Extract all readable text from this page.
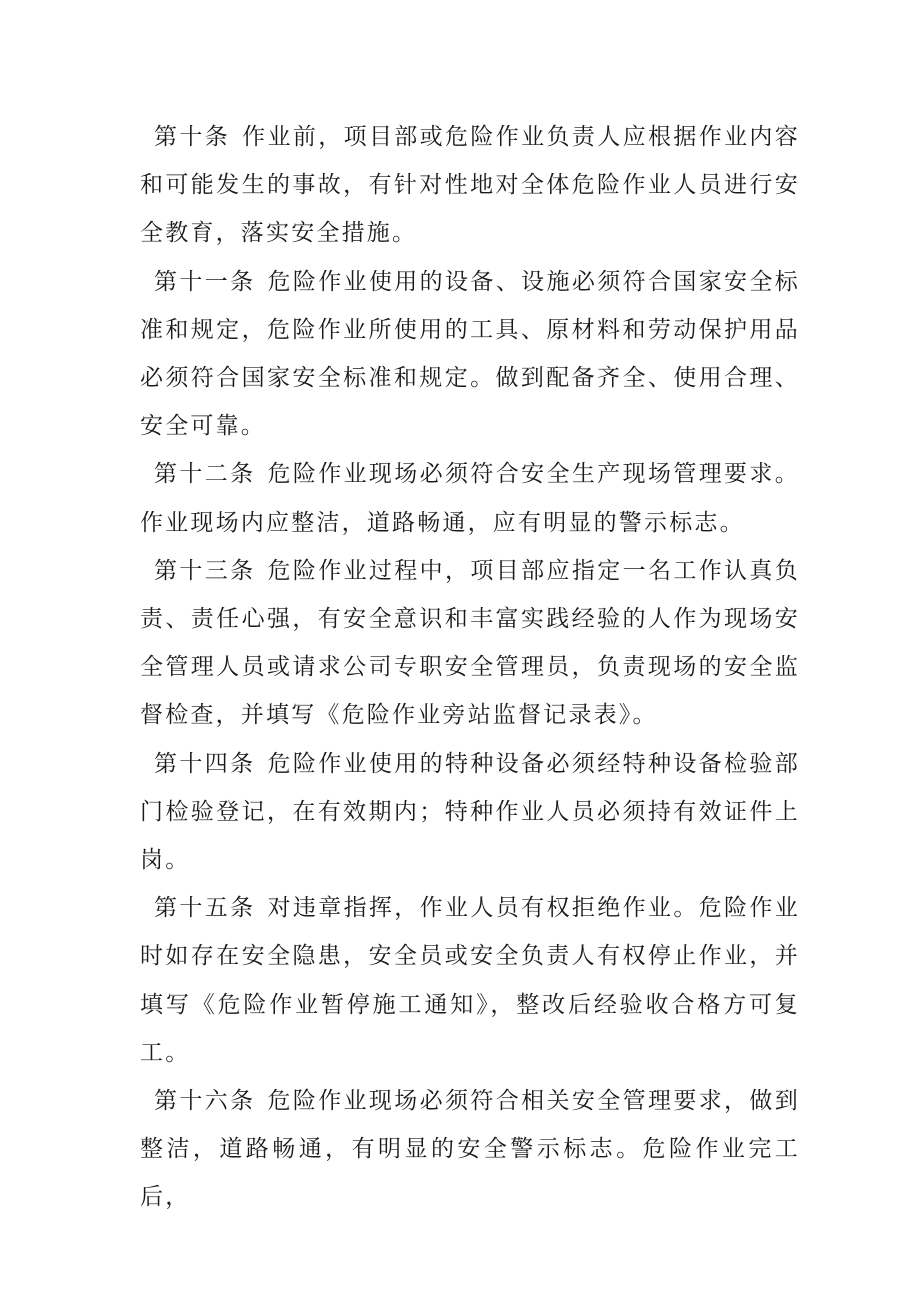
第十条 作业前，项目部或危险作业负责人应根据作业内容和可能发生的事故，有针对性地对全体危险作业人员进行安全教育，落实安全措施。

第十一条 危险作业使用的设备、设施必须符合国家安全标准和规定，危险作业所使用的工具、原材料和劳动保护用品必须符合国家安全标准和规定。做到配备齐全、使用合理、安全可靠。

第十二条 危险作业现场必须符合安全生产现场管理要求。作业现场内应整洁，道路畅通，应有明显的警示标志。

第十三条 危险作业过程中，项目部应指定一名工作认真负责、责任心强，有安全意识和丰富实践经验的人作为现场安全管理人员或请求公司专职安全管理员，负责现场的安全监督检查，并填写《危险作业旁站监督记录表》。

第十四条 危险作业使用的特种设备必须经特种设备检验部门检验登记，在有效期内；特种作业人员必须持有效证件上岗。

第十五条 对违章指挥，作业人员有权拒绝作业。危险作业时如存在安全隐患，安全员或安全负责人有权停止作业，并填写《危险作业暂停施工通知》，整改后经验收合格方可复工。

第十六条 危险作业现场必须符合相关安全管理要求，做到整洁，道路畅通，有明显的安全警示标志。危险作业完工后，
